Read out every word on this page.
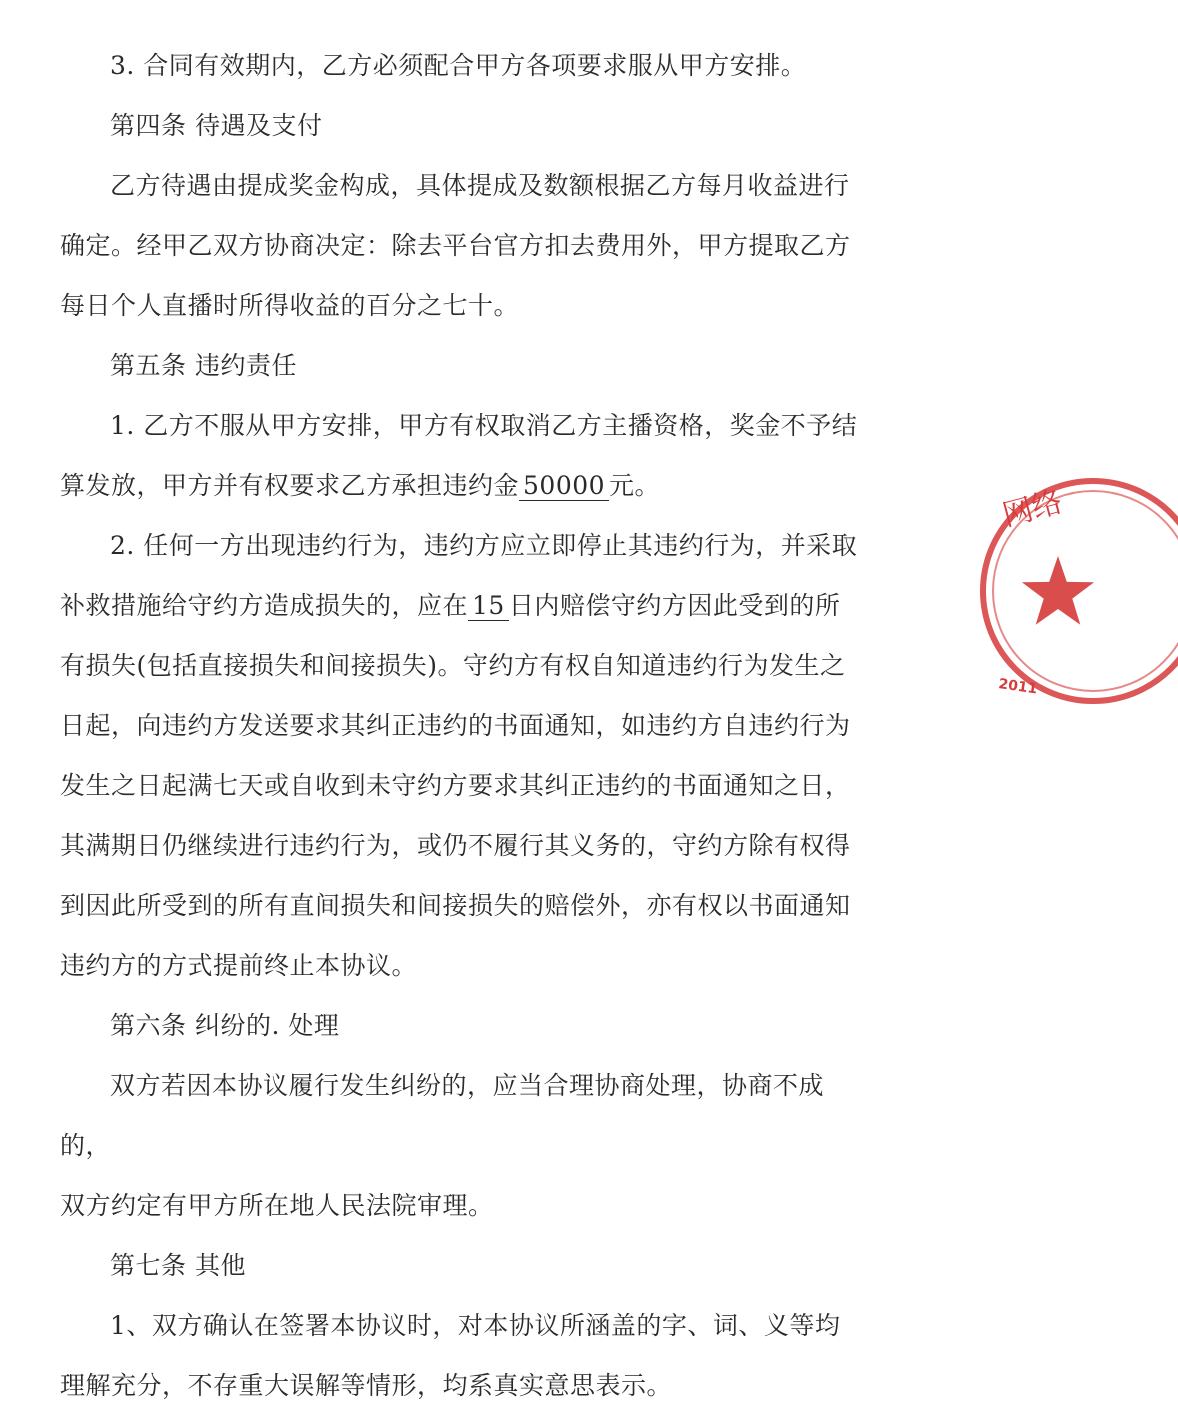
3. 合同有效期内，乙方必须配合甲方各项要求服从甲方安排。

第四条 待遇及支付

乙方待遇由提成奖金构成，具体提成及数额根据乙方每月收益进行

确定。经甲乙双方协商决定：除去平台官方扣去费用外，甲方提取乙方

每日个人直播时所得收益的百分之七十。

第五条 违约责任

1. 乙方不服从甲方安排，甲方有权取消乙方主播资格，奖金不予结

算发放，甲方并有权要求乙方承担违约金 50000 元。

2. 任何一方出现违约行为，违约方应立即停止其违约行为，并采取

补救措施给守约方造成损失的，应在 15 日内赔偿守约方因此受到的所

有损失(包括直接损失和间接损失)。守约方有权自知道违约行为发生之

日起，向违约方发送要求其纠正违约的书面通知，如违约方自违约行为

发生之日起满七天或自收到未守约方要求其纠正违约的书面通知之日，

其满期日仍继续进行违约行为，或仍不履行其义务的，守约方除有权得

到因此所受到的所有直间损失和间接损失的赔偿外，亦有权以书面通知

违约方的方式提前终止本协议。

第六条 纠纷的. 处理

双方若因本协议履行发生纠纷的，应当合理协商处理，协商不成的，

双方约定有甲方所在地人民法院审理。

第七条 其他

1、双方确认在签署本协议时，对本协议所涵盖的字、词、义等均

理解充分，不存重大误解等情形，均系真实意思表示。

网络
2011
